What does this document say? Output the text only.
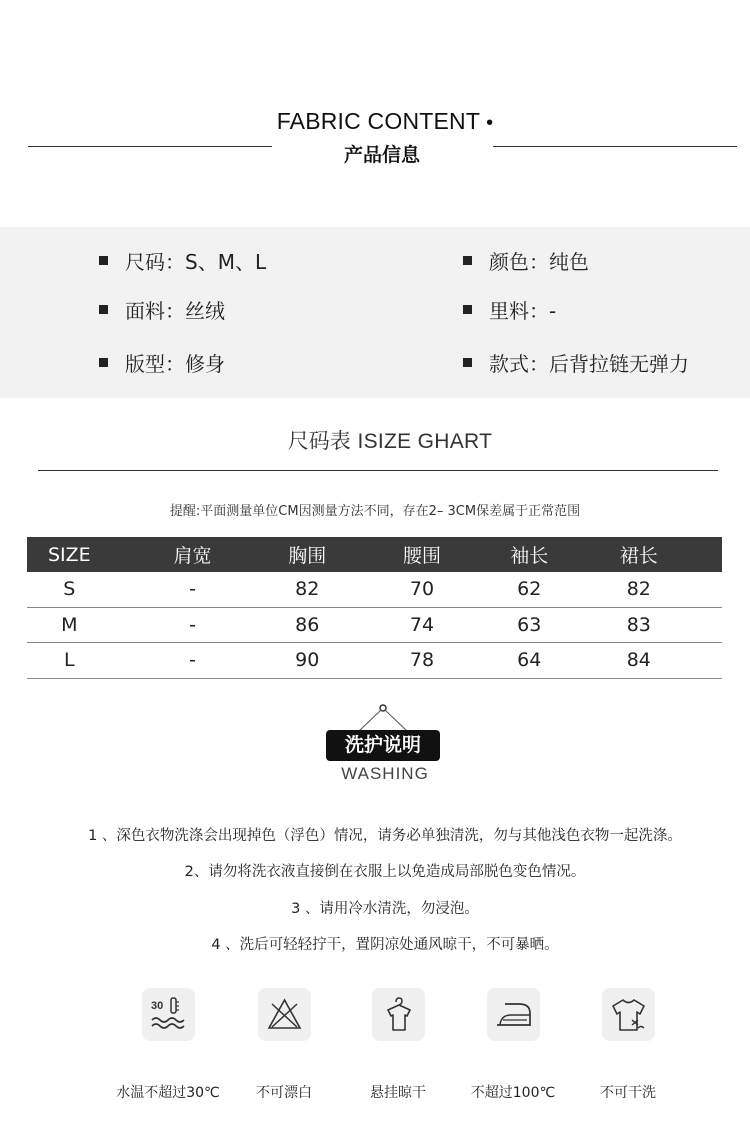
FABRIC CONTENT •
产品信息
尺码：S、M、L	颜色：纯色
面料：丝绒	里料：-
版型：修身	款式：后背拉链无弹力
尺码表 ISIZE GHART
提醒:平面测量单位CM因测量方法不同，存在2– 3CM保差属于正常范围
SIZE	肩宽	胸围	腰围	袖长	裙长
S	-	82	70	62	82
M	-	86	74	63	83
L	-	90	78	64	84
洗护说明
WASHING
1 、深色衣物洗涤会出现掉色（浮色）情况，请务必单独清洗，勿与其他浅色衣物一起洗涤。
2、请勿将洗衣液直接倒在衣服上以免造成局部脱色变色情况。
3 、请用冷水清洗，勿浸泡。
4 、洗后可轻轻拧干，置阴凉处通风晾干，不可暴晒。
30
水温不超过30℃	不可漂白	悬挂晾干	不超过100℃	不可干洗
